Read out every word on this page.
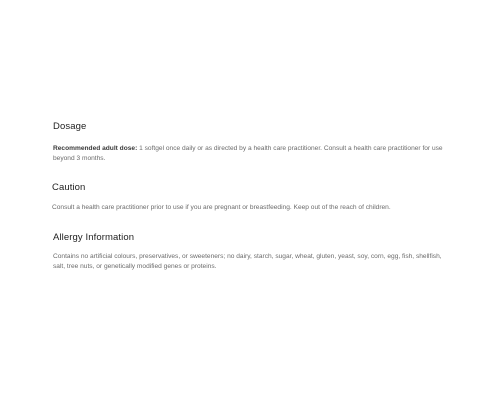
Dosage

Recommended adult dose: 1 softgel once daily or as directed by a health care practitioner. Consult a health care practitioner for use beyond 3 months.

Caution

Consult a health care practitioner prior to use if you are pregnant or breastfeeding. Keep out of the reach of children.

Allergy Information

Contains no artificial colours, preservatives, or sweeteners; no dairy, starch, sugar, wheat, gluten, yeast, soy, corn, egg, fish, shellfish, salt, tree nuts, or genetically modified genes or proteins.
